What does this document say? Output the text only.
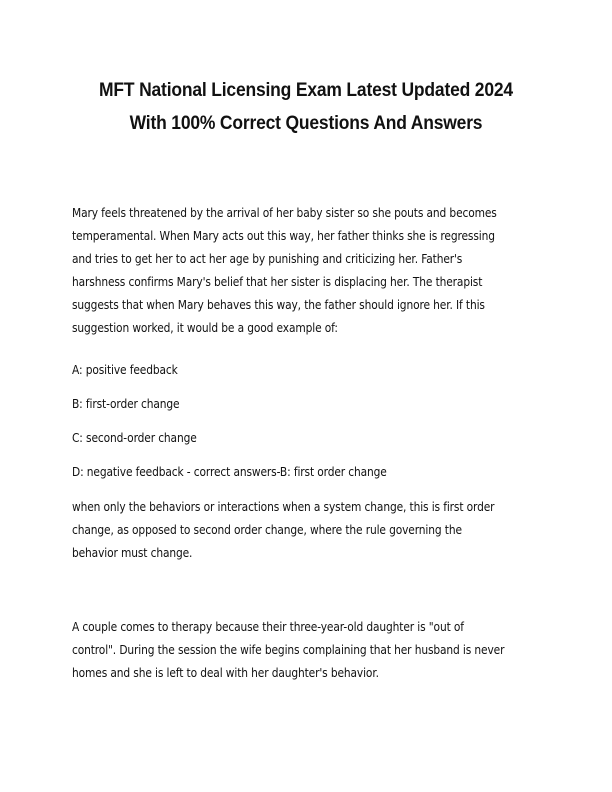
MFT National Licensing Exam Latest Updated 2024
With 100% Correct Questions And Answers
Mary feels threatened by the arrival of her baby sister so she pouts and becomes
temperamental. When Mary acts out this way, her father thinks she is regressing
and tries to get her to act her age by punishing and criticizing her. Father's
harshness confirms Mary's belief that her sister is displacing her. The therapist
suggests that when Mary behaves this way, the father should ignore her. If this
suggestion worked, it would be a good example of:
A: positive feedback
B: first-order change
C: second-order change
D: negative feedback - correct answers-B: first order change
when only the behaviors or interactions when a system change, this is first order
change, as opposed to second order change, where the rule governing the
behavior must change.
A couple comes to therapy because their three-year-old daughter is "out of
control". During the session the wife begins complaining that her husband is never
homes and she is left to deal with her daughter's behavior.
